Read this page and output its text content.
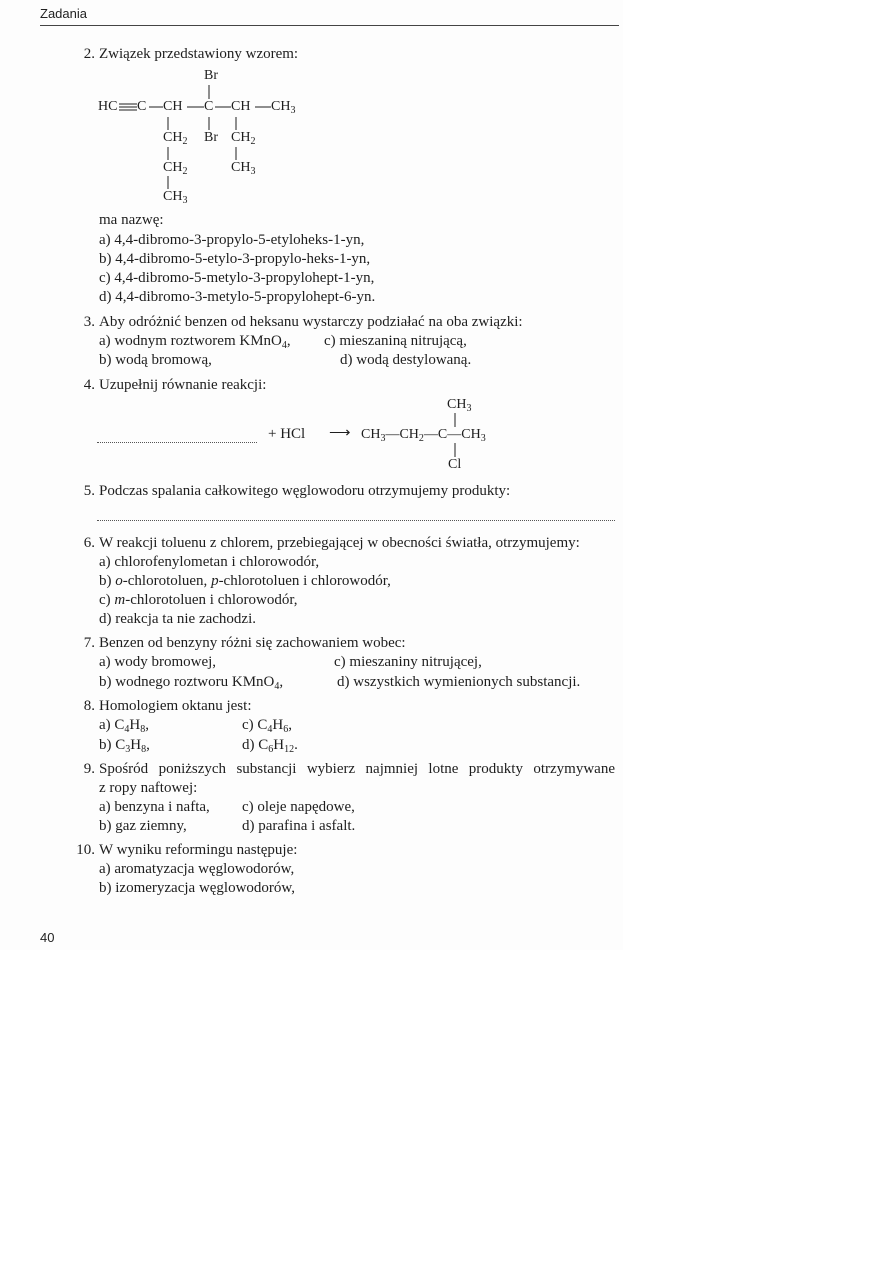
Zadania
2. Związek przedstawiony wzorem:
Br
HC C CH C CH $CH_3$
$CH_2$ Br $CH_2$
$CH_2$	$CH_3$
$CH_3$
ma nazwę:
a) 4,4-dibromo-3-propylo-5-etyloheks-1-yn,
b) 4,4-dibromo-5-etylo-3-propylo-heks-1-yn,
c) 4,4-dibromo-5-metylo-3-propylohept-1-yn,
d) 4,4-dibromo-3-metylo-5-propylohept-6-yn.
3. Aby odróżnić benzen od heksanu wystarczy podziałać na oba związki:
a) wodnym roztworem KMnO$_4$, c) mieszaniną nitrującą,
b) wodą bromową,	d) wodą destylowaną.
4. Uzupełnij równanie reakcji:
+ HCl ⟶
$CH_3$
$CH_3—CH_2—C—CH_3$
Cl
5. Podczas spalania całkowitego węglowodoru otrzymujemy produkty:
6. W reakcji toluenu z chlorem, przebiegającej w obecności światła, otrzymujemy:
a) chlorofenylometan i chlorowodór,
b) o-chlorotoluen, p-chlorotoluen i chlorowodór,
c) m-chlorotoluen i chlorowodór,
d) reakcja ta nie zachodzi.
7. Benzen od benzyny różni się zachowaniem wobec:
a) wody bromowej,	c) mieszaniny nitrującej,
b) wodnego roztworu KMnO$_4$,	d) wszystkich wymienionych substancji.
8. Homologiem oktanu jest:
a) $C_4H_8$,	c) $C_4H_6$,
b) $C_3H_8$,	d) $C_6H_{12}$.
9. Spośród poniższych substancji wybierz najmniej lotne produkty otrzymywane
z ropy naftowej:
a) benzyna i nafta, c) oleje napędowe,
b) gaz ziemny,	d) parafina i asfalt.
10. W wyniku reformingu następuje:
a) aromatyzacja węglowodorów,
b) izomeryzacja węglowodorów,
40
